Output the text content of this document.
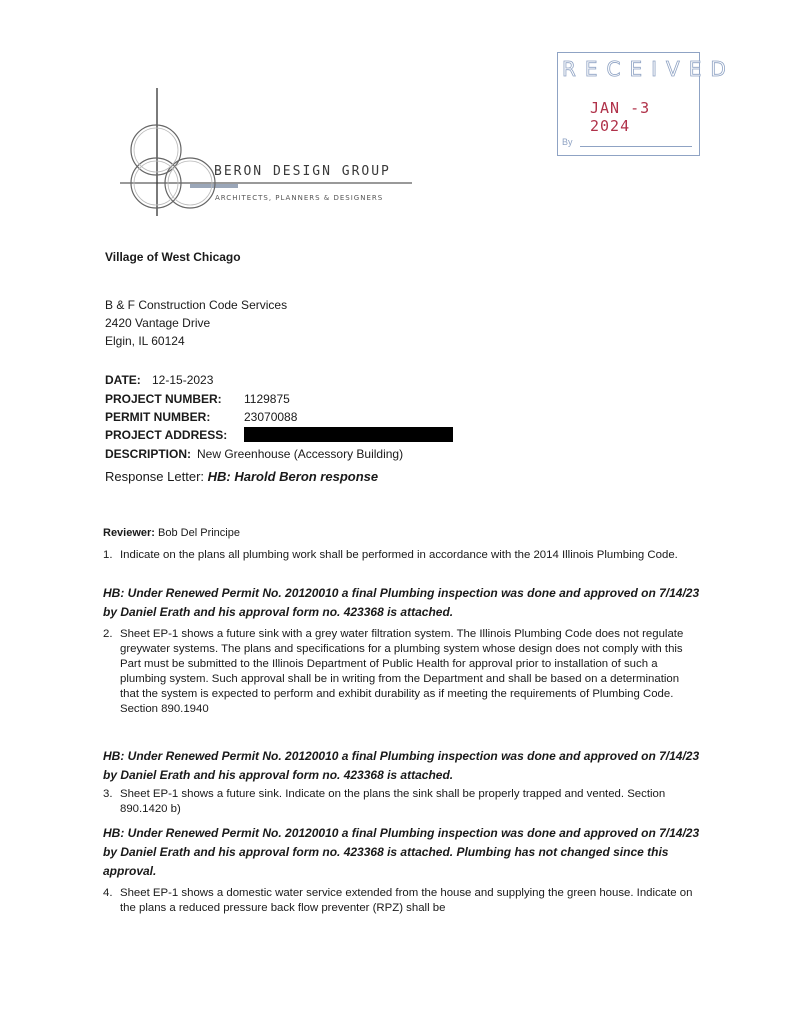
RECEIVED
JAN -3 2024
By
BERON DESIGN GROUP
ARCHITECTS, PLANNERS & DESIGNERS
Village of West Chicago
B & F Construction Code Services
2420 Vantage Drive
Elgin, IL 60124
DATE: 12-15-2023
PROJECT NUMBER: 1129875
PERMIT NUMBER:	23070088
PROJECT ADDRESS:
DESCRIPTION: New Greenhouse (Accessory Building)
Response Letter: HB: Harold Beron response
Reviewer: Bob Del Principe
1. Indicate on the plans all plumbing work shall be performed in accordance with the 2014 Illinois Plumbing Code.
HB: Under Renewed Permit No. 20120010 a final Plumbing inspection was done and approved on 7/14/23 by Daniel Erath and his approval form no. 423368 is attached.
2. Sheet EP-1 shows a future sink with a grey water filtration system. The Illinois Plumbing Code does not regulate greywater systems. The plans and specifications for a plumbing system whose design does not comply with this Part must be submitted to the Illinois Department of Public Health for approval prior to installation of such a plumbing system. Such approval shall be in writing from the Department and shall be based on a determination that the system is expected to perform and exhibit durability as if meeting the requirements of Plumbing Code.
Section 890.1940
HB: Under Renewed Permit No. 20120010 a final Plumbing inspection was done and approved on 7/14/23 by Daniel Erath and his approval form no. 423368 is attached.
3. Sheet EP-1 shows a future sink. Indicate on the plans the sink shall be properly trapped and vented. Section 890.1420 b)
HB: Under Renewed Permit No. 20120010 a final Plumbing inspection was done and approved on 7/14/23 by Daniel Erath and his approval form no. 423368 is attached. Plumbing has not changed since this approval.
4. Sheet EP-1 shows a domestic water service extended from the house and supplying the green house. Indicate on the plans a reduced pressure back flow preventer (RPZ) shall be
